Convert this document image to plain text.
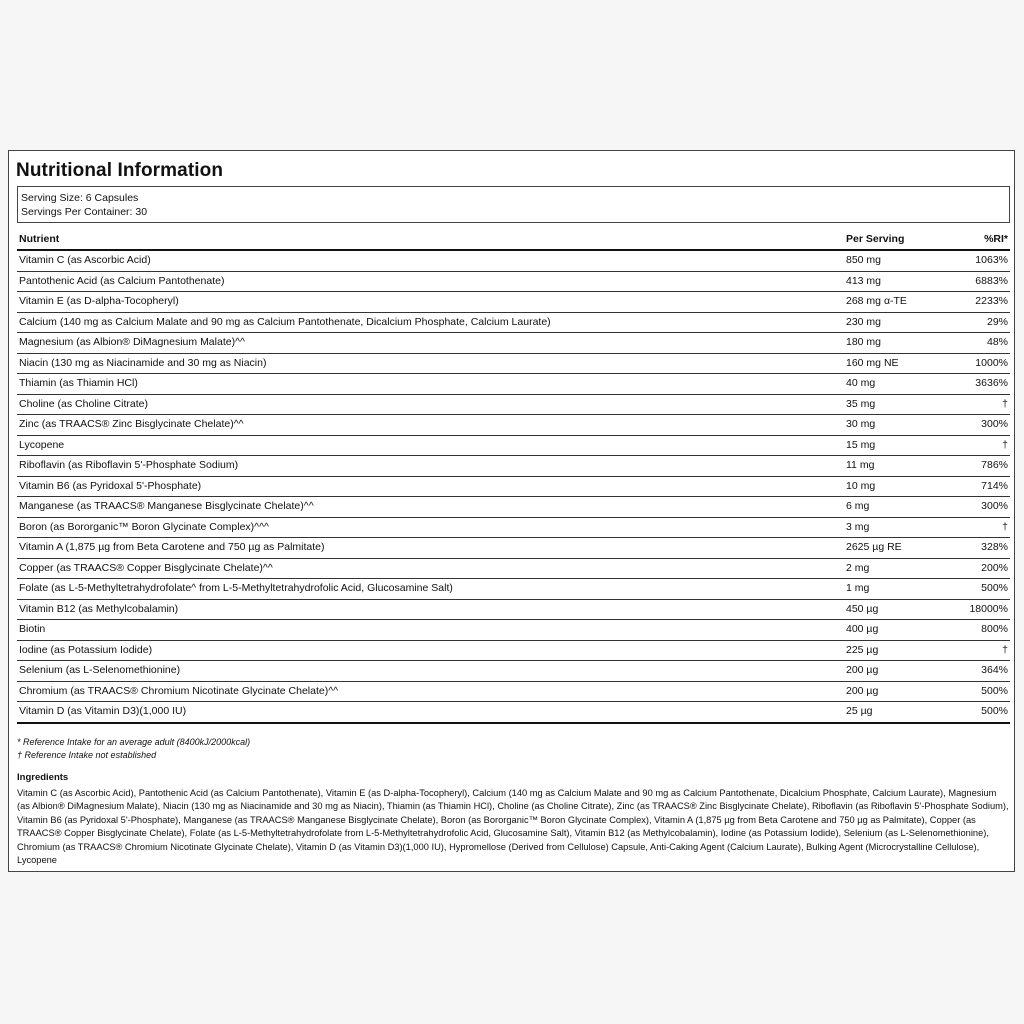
Nutritional Information
Serving Size: 6 Capsules
Servings Per Container: 30
Nutrient	Per Serving	%RI*
Vitamin C (as Ascorbic Acid)	850 mg	1063%
Pantothenic Acid (as Calcium Pantothenate)	413 mg	6883%
Vitamin E (as D-alpha-Tocopheryl)	268 mg α-TE	2233%
Calcium (140 mg as Calcium Malate and 90 mg as Calcium Pantothenate, Dicalcium Phosphate, Calcium Laurate)	230 mg	29%
Magnesium (as Albion® DiMagnesium Malate)^^	180 mg	48%
Niacin (130 mg as Niacinamide and 30 mg as Niacin)	160 mg NE	1000%
Thiamin (as Thiamin HCl)	40 mg	3636%
Choline (as Choline Citrate)	35 mg	†
Zinc (as TRAACS® Zinc Bisglycinate Chelate)^^	30 mg	300%
Lycopene	15 mg	†
Riboflavin (as Riboflavin 5'-Phosphate Sodium)	11 mg	786%
Vitamin B6 (as Pyridoxal 5'-Phosphate)	10 mg	714%
Manganese (as TRAACS® Manganese Bisglycinate Chelate)^^	6 mg	300%
Boron (as Bororganic™ Boron Glycinate Complex)^^^	3 mg	†
Vitamin A (1,875 µg from Beta Carotene and 750 µg as Palmitate)	2625 µg RE	328%
Copper (as TRAACS® Copper Bisglycinate Chelate)^^	2 mg	200%
Folate (as L-5-Methyltetrahydrofolate^ from L-5-Methyltetrahydrofolic Acid, Glucosamine Salt)	1 mg	500%
Vitamin B12 (as Methylcobalamin)	450 µg	18000%
Biotin	400 µg	800%
Iodine (as Potassium Iodide)	225 µg	†
Selenium (as L-Selenomethionine)	200 µg	364%
Chromium (as TRAACS® Chromium Nicotinate Glycinate Chelate)^^	200 µg	500%
Vitamin D (as Vitamin D3)(1,000 IU)	25 µg	500%
* Reference Intake for an average adult (8400kJ/2000kcal)
† Reference Intake not established
Ingredients
Vitamin C (as Ascorbic Acid), Pantothenic Acid (as Calcium Pantothenate), Vitamin E (as D-alpha-Tocopheryl), Calcium (140 mg as Calcium Malate and 90 mg as Calcium Pantothenate, Dicalcium Phosphate, Calcium Laurate), Magnesium (as Albion® DiMagnesium Malate), Niacin (130 mg as Niacinamide and 30 mg as Niacin), Thiamin (as Thiamin HCl), Choline (as Choline Citrate), Zinc (as TRAACS® Zinc Bisglycinate Chelate), Riboflavin (as Riboflavin 5'-Phosphate Sodium), Vitamin B6 (as Pyridoxal 5'-Phosphate), Manganese (as TRAACS® Manganese Bisglycinate Chelate), Boron (as Bororganic™ Boron Glycinate Complex), Vitamin A (1,875 µg from Beta Carotene and 750 µg as Palmitate), Copper (as TRAACS® Copper Bisglycinate Chelate), Folate (as L-5-Methyltetrahydrofolate from L-5-Methyltetrahydrofolic Acid, Glucosamine Salt), Vitamin B12 (as Methylcobalamin), Iodine (as Potassium Iodide), Selenium (as L-Selenomethionine), Chromium (as TRAACS® Chromium Nicotinate Glycinate Chelate), Vitamin D (as Vitamin D3)(1,000 IU), Hypromellose (Derived from Cellulose) Capsule, Anti-Caking Agent (Calcium Laurate), Bulking Agent (Microcrystalline Cellulose), Lycopene
